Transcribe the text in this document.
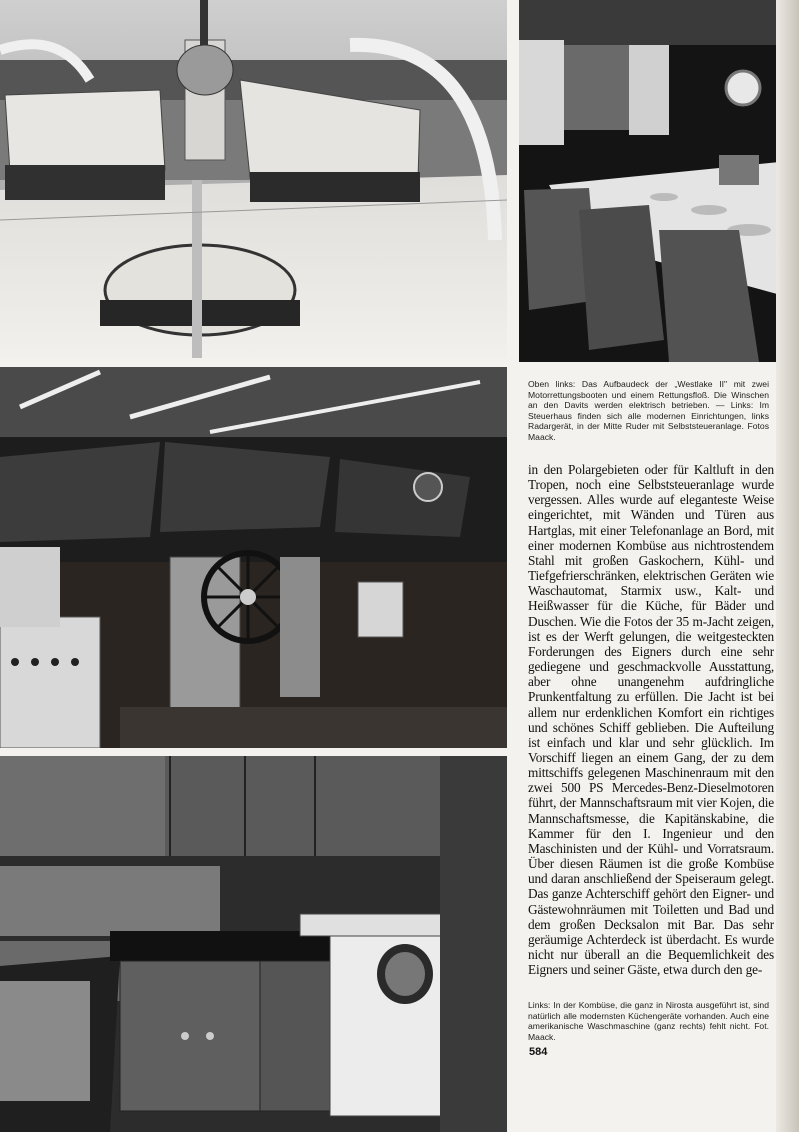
Oben links: Das Aufbaudeck der „Westlake II" mit zwei Motorrettungsbooten und einem Rettungsfloß. Die Winschen an den Davits werden elektrisch betrieben. — Links: Im Steuerhaus finden sich alle modernen Einrichtungen, links Radargerät, in der Mitte Ruder mit Selbststeueranlage. Fotos Maack.
in den Polargebieten oder für Kaltluft in den Tropen, noch eine Selbststeueranlage wurde vergessen. Alles wurde auf eleganteste Weise eingerichtet, mit Wänden und Türen aus Hartglas, mit einer Telefonanlage an Bord, mit einer modernen Kombüse aus nichtrostendem Stahl mit großen Gaskochern, Kühl- und Tiefgefrierschränken, elektrischen Geräten wie Waschautomat, Starmix usw., Kalt- und Heißwasser für die Küche, für Bäder und Duschen. Wie die Fotos der 35 m-Jacht zeigen, ist es der Werft gelungen, die weitgesteckten Forderungen des Eigners durch eine sehr gediegene und geschmackvolle Ausstattung, aber ohne unangenehm aufdringliche Prunkentfaltung zu erfüllen. Die Jacht ist bei allem nur erdenklichen Komfort ein richtiges und schönes Schiff geblieben. Die Aufteilung ist einfach und klar und sehr glücklich. Im Vorschiff liegen an einem Gang, der zu dem mittschiffs gelegenen Maschinenraum mit den zwei 500 PS Mercedes-Benz-Dieselmotoren führt, der Mannschaftsraum mit vier Kojen, die Mannschaftsmesse, die Kapitänskabine, die Kammer für den I. Ingenieur und den Maschinisten und der Kühl- und Vorratsraum. Über diesen Räumen ist die große Kombüse und daran anschließend der Speiseraum gelegt. Das ganze Achterschiff gehört den Eigner- und Gästewohnräumen mit Toiletten und Bad und dem großen Decksalon mit Bar. Das sehr geräumige Achterdeck ist überdacht. Es wurde nicht nur überall an die Bequemlichkeit des Eigners und seiner Gäste, etwa durch den ge-
Links: In der Kombüse, die ganz in Nirosta ausgeführt ist, sind natürlich alle modernsten Küchengeräte vorhanden. Auch eine amerikanische Waschmaschine (ganz rechts) fehlt nicht. Fot. Maack.
584
